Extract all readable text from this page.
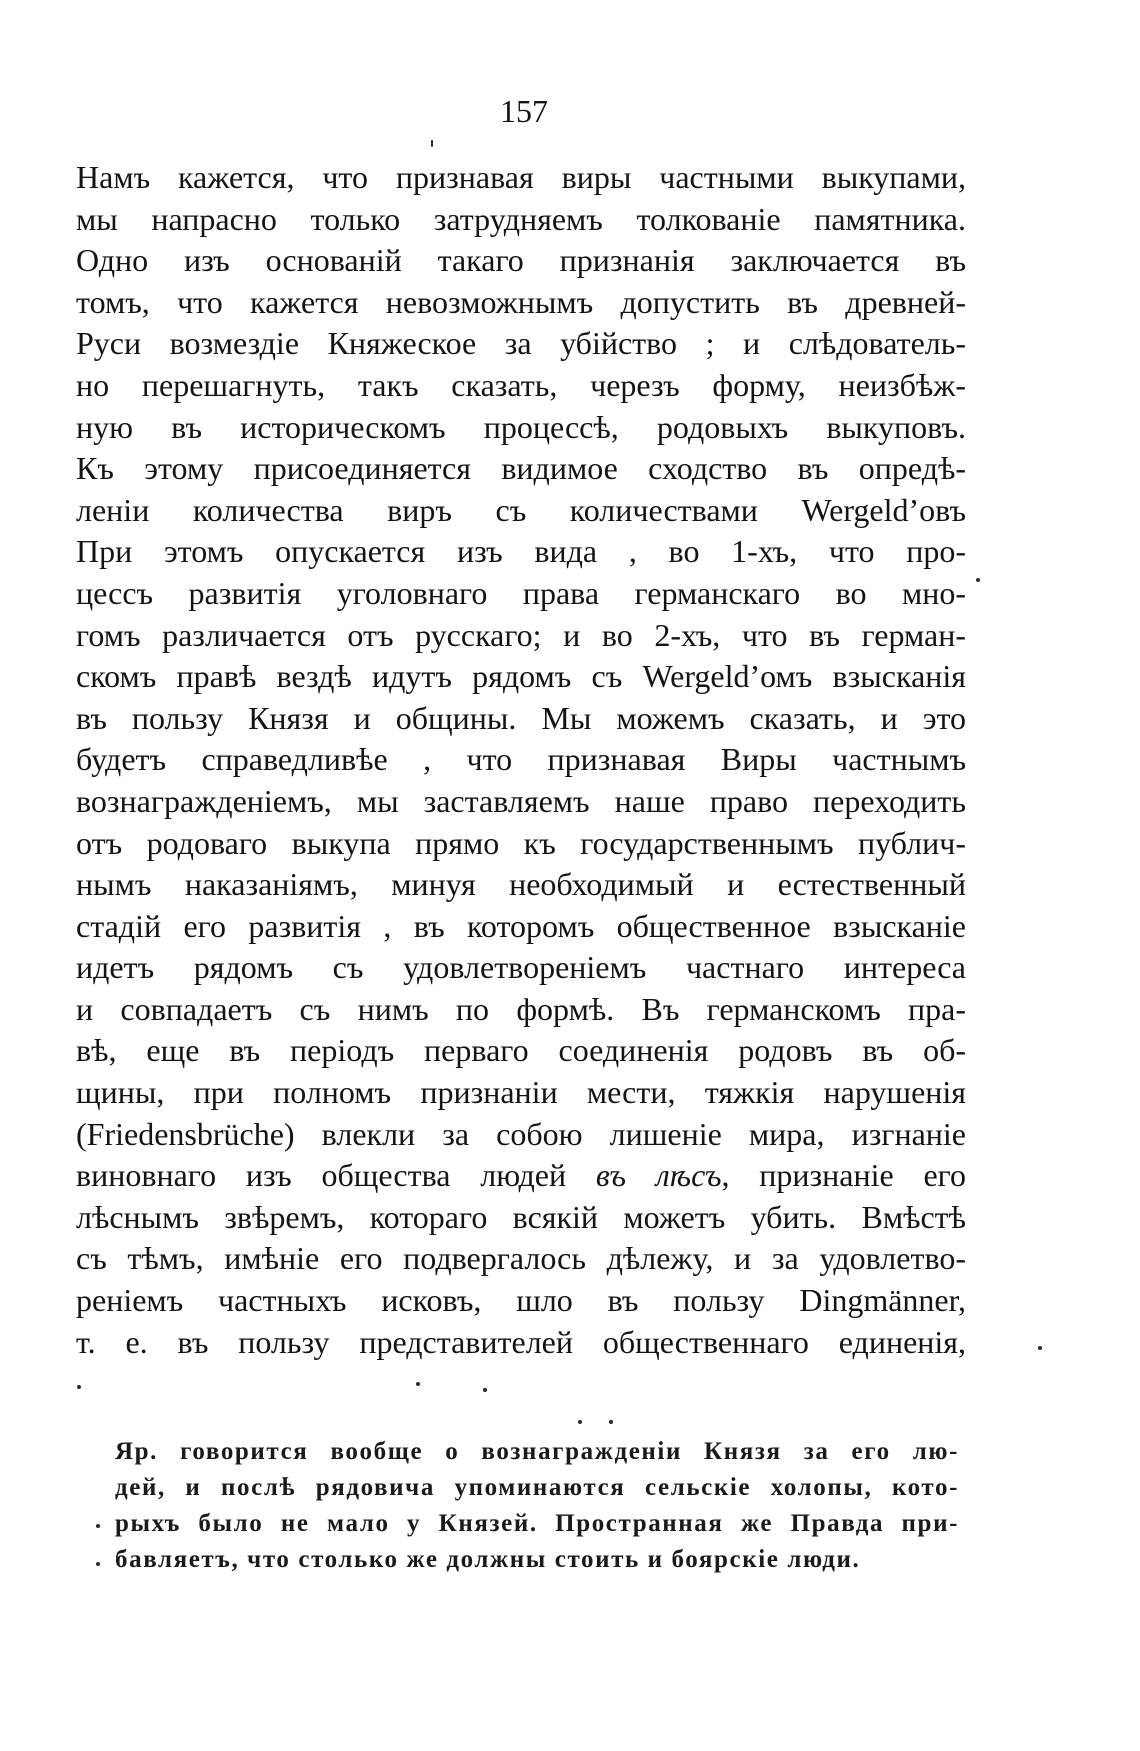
157
Намъ кажется, что признавая виры частными выкупами,
мы напрасно только затрудняемъ толкованіе памятника.
Одно изъ основаній такаго признанія заключается въ
томъ, что кажется невозможнымъ допустить въ древней-
Руси возмездіе Княжеское за убійство ; и слѣдователь-
но перешагнуть, такъ сказать, черезъ форму, неизбѣж-
ную въ историческомъ процессѣ, родовыхъ выкуповъ.
Къ этому присоединяется видимое сходство въ опредѣ-
леніи количества виръ съ количествами Wergeld’овъ
При этомъ опускается изъ вида , во 1-хъ, что про-
цессъ развитія уголовнаго права германскаго во мно-
гомъ различается отъ русскаго; и во 2-хъ, что въ герман-
скомъ правѣ вездѣ идутъ рядомъ съ Wergeld’омъ взысканія
въ пользу Князя и общины. Мы можемъ сказать, и это
будетъ справедливѣе , что признавая Виры частнымъ
вознагражденіемъ, мы заставляемъ наше право переходить
отъ родоваго выкупа прямо къ государственнымъ публич-
нымъ наказаніямъ, минуя необходимый и естественный
стадій его развитія , въ которомъ общественное взысканіе
идетъ рядомъ съ удовлетвореніемъ частнаго интереса
и совпадаетъ съ нимъ по формѣ. Въ германскомъ пра-
вѣ, еще въ періодъ перваго соединенія родовъ въ об-
щины, при полномъ признаніи мести, тяжкія нарушенія
(Friedensbrüche) влекли за собою лишеніе мира, изгнаніе
виновнаго изъ общества людей въ лѣсъ, признаніе его
лѣснымъ звѣремъ, котораго всякій можетъ убить. Вмѣстѣ
съ тѣмъ, имѣніе его подвергалось дѣлежу, и за удовлетво-
реніемъ частныхъ исковъ, шло въ пользу Dingmänner,
т. е. въ пользу представителей общественнаго единенія,
Яр. говорится вообще о вознагражденіи Князя за его лю-
дей, и послѣ рядовича упоминаются сельскіе холопы, кото-
рыхъ было не мало у Князей. Пространная же Правда при-
бавляетъ, что столько же должны стоить и боярскіе люди.
